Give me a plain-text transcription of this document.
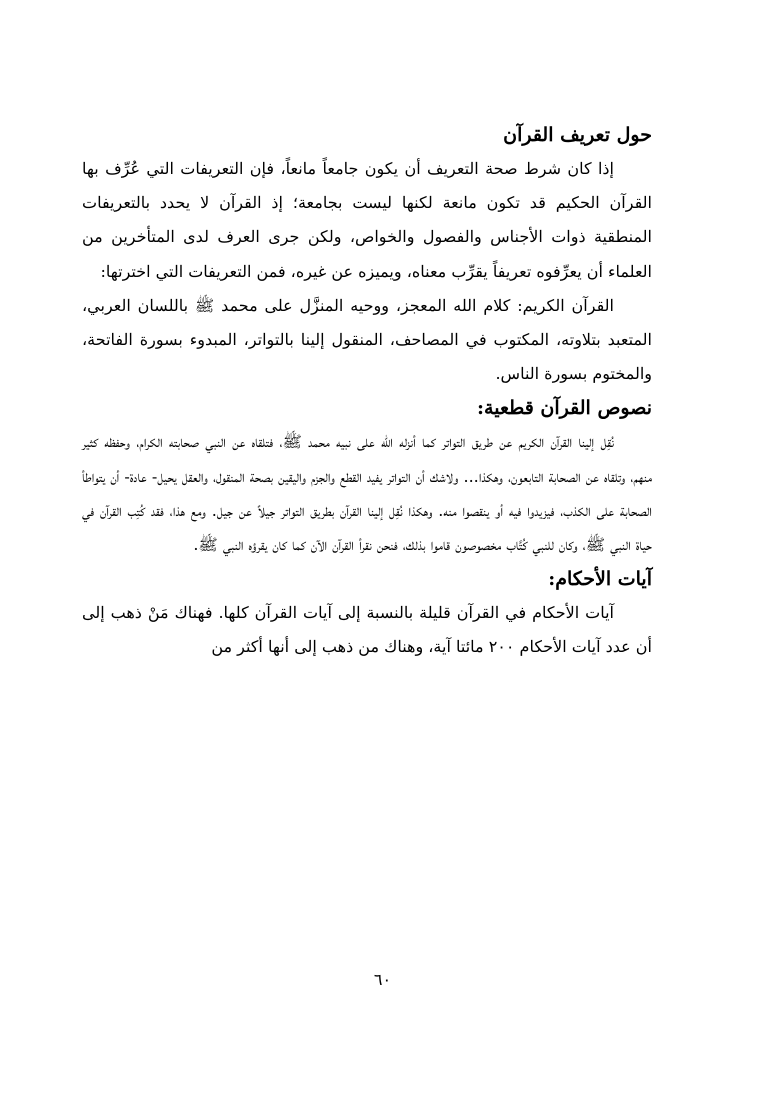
حول تعريف القرآن

إذا كان شرط صحة التعريف أن يكون جامعاً مانعاً، فإن التعريفات التي عُرِّف بها القرآن الحكيم قد تكون مانعة لكنها ليست بجامعة؛ إذ القرآن لا يحدد بالتعريفات المنطقية ذوات الأجناس والفصول والخواص، ولكن جرى العرف لدى المتأخرين من العلماء أن يعرِّفوه تعريفاً يقرِّب معناه، ويميزه عن غيره، فمن التعريفات التي اخترتها:

القرآن الكريم: كلام الله المعجز، ووحيه المنزَّل على محمد ﷺ باللسان العربي، المتعبد بتلاوته، المكتوب في المصاحف، المنقول إلينا بالتواتر، المبدوء بسورة الفاتحة، والمختوم بسورة الناس.

نصوص القرآن قطعية:

نُقِل إلينا القرآن الكريم عن طريق التواتر كما أنزله الله على نبيه محمد ﷺ، فتلقاه عن النبي صحابته الكرام، وحفظه كثير منهم، وتلقاه عن الصحابة التابعون، وهكذا... ولاشك أن التواتر يفيد القطع والجزم واليقين بصحة المنقول، والعقل يحيل- عادة- أن يتواطأ الصحابة على الكذب، فيزيدوا فيه أو ينقصوا منه. وهكذا نُقِل إلينا القرآن بطريق التواتر جيلاً عن جيل. ومع هذا، فقد كُتِب القرآن في حياة النبي ﷺ، وكان للنبي كُتَّاب مخصوصون قاموا بذلك، فنحن نقرأ القرآن الآن كما كان يقرؤه النبي ﷺ.

آيات الأحكام:

آيات الأحكام في القرآن قليلة بالنسبة إلى آيات القرآن كلها. فهناك مَنْ ذهب إلى أن عدد آيات الأحكام ٢٠٠ مائتا آية، وهناك من ذهب إلى أنها أكثر من

٦٠
